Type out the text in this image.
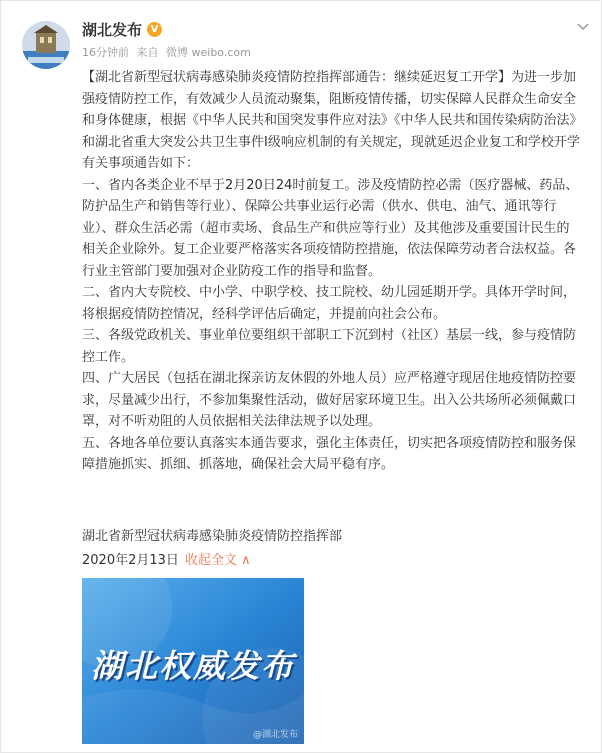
湖北发布 V
16分钟前 来自 微博 weibo.com

【湖北省新型冠状病毒感染肺炎疫情防控指挥部通告：继续延迟复工开学】为进一步加强疫情防控工作，有效减少人员流动聚集，阻断疫情传播，切实保障人民群众生命安全和身体健康，根据《中华人民共和国突发事件应对法》《中华人民共和国传染病防治法》和湖北省重大突发公共卫生事件I级响应机制的有关规定，现就延迟企业复工和学校开学有关事项通告如下：

一、省内各类企业不早于2月20日24时前复工。涉及疫情防控必需（医疗器械、药品、防护品生产和销售等行业）、保障公共事业运行必需（供水、供电、油气、通讯等行业）、群众生活必需（超市卖场、食品生产和供应等行业）及其他涉及重要国计民生的相关企业除外。复工企业要严格落实各项疫情防控措施，依法保障劳动者合法权益。各行业主管部门要加强对企业防疫工作的指导和监督。

二、省内大专院校、中小学、中职学校、技工院校、幼儿园延期开学。具体开学时间，将根据疫情防控情况，经科学评估后确定，并提前向社会公布。

三、各级党政机关、事业单位要组织干部职工下沉到村（社区）基层一线，参与疫情防控工作。

四、广大居民（包括在湖北探亲访友休假的外地人员）应严格遵守现居住地疫情防控要求，尽量减少出行，不参加集聚性活动，做好居家环境卫生。出入公共场所必须佩戴口罩，对不听劝阻的人员依据相关法律法规予以处理。

五、各地各单位要认真落实本通告要求，强化主体责任，切实把各项疫情防控和服务保障措施抓实、抓细、抓落地，确保社会大局平稳有序。

湖北省新型冠状病毒感染肺炎疫情防控指挥部
2020年2月13日 收起全文 ∧
湖北权威发布
@湖北发布
